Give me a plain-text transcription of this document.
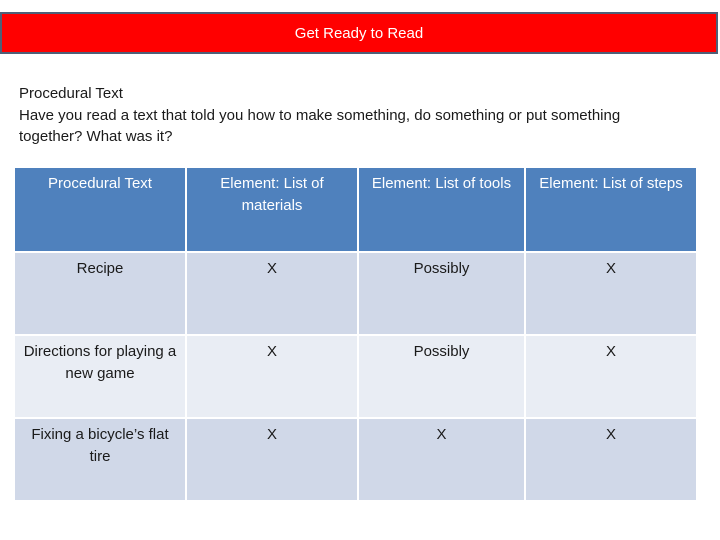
Get Ready to Read
Procedural Text
Have you read a text that told you how to make something, do something or put something
together? What was it?
Procedural Text	Element: List of materials	Element: List of tools	Element: List of steps
Recipe	X	Possibly	X
Directions for playing a new game	X	Possibly	X
Fixing a bicycle’s flat tire	X	X	X
